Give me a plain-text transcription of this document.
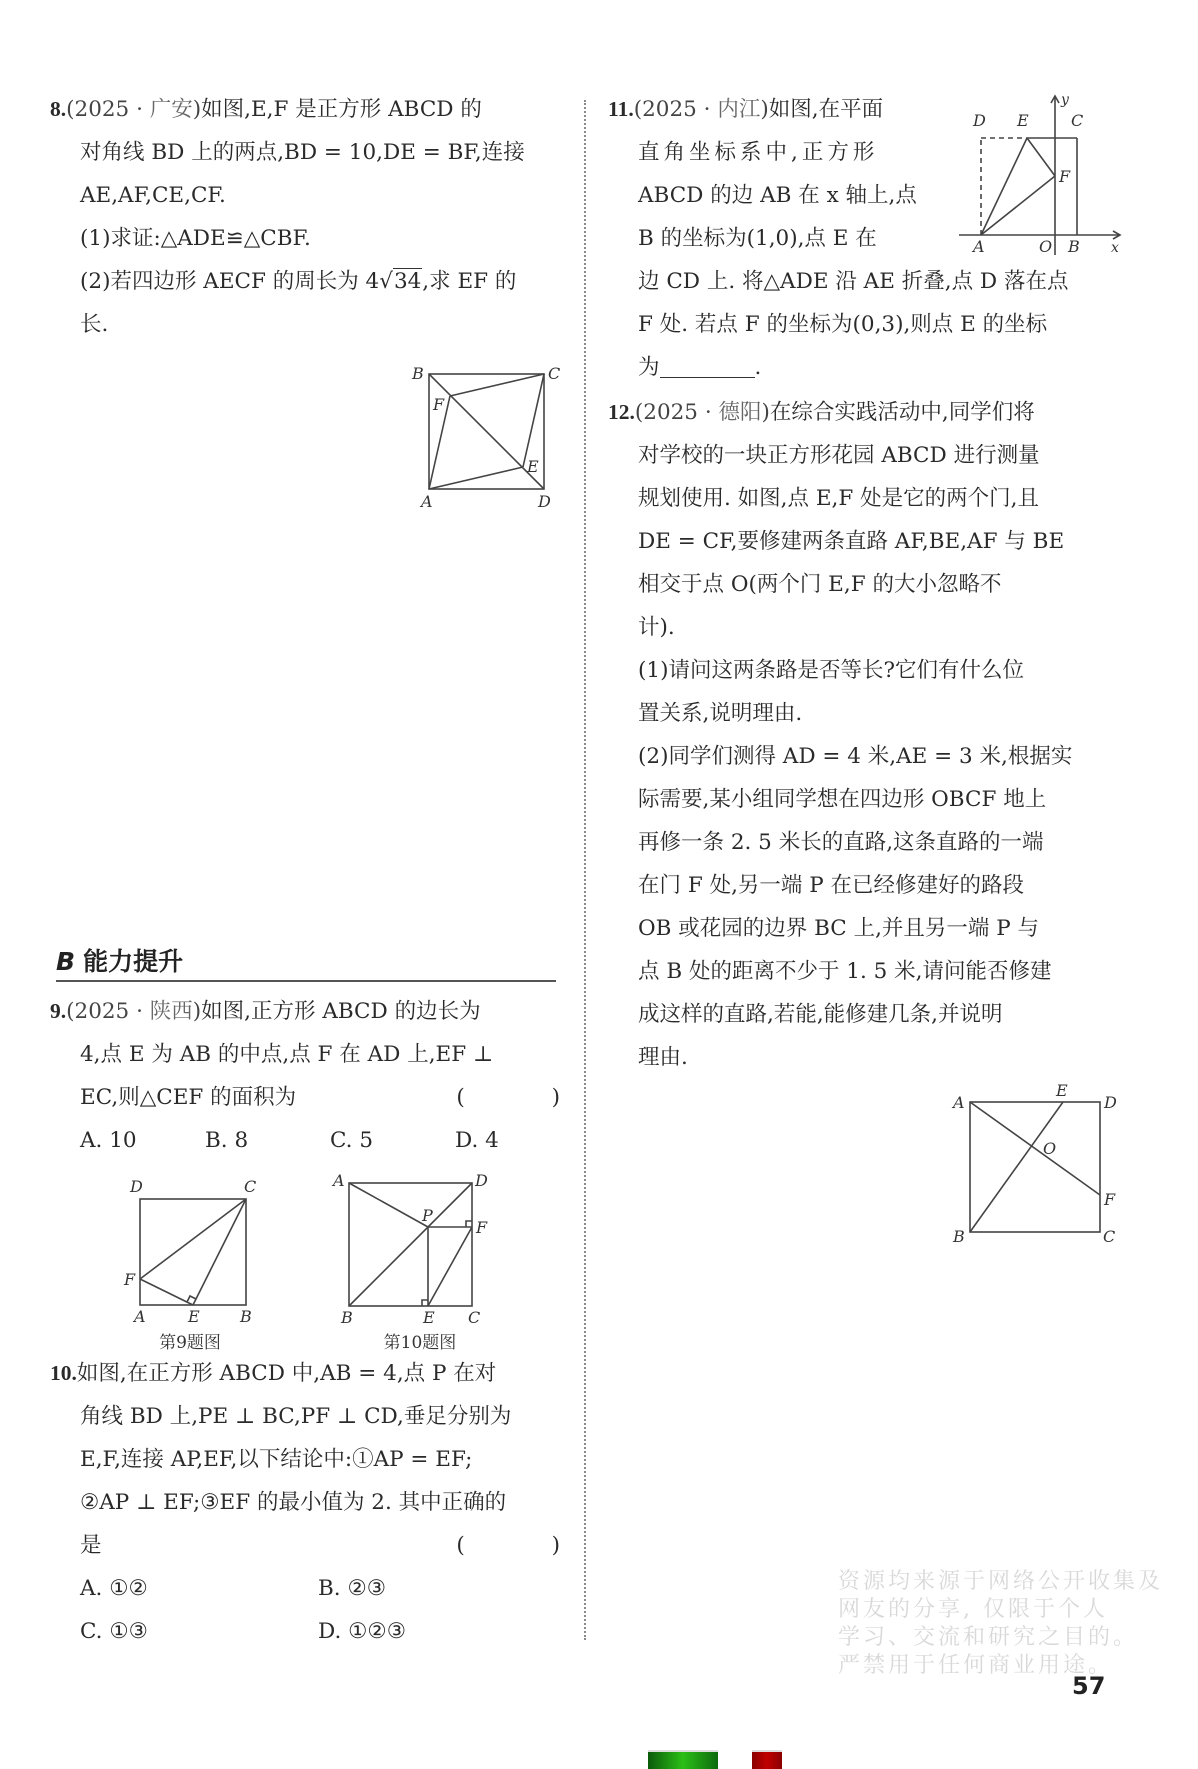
8.(2025 · 广安)如图,E,F 是正方形 ABCD 的
对角线 BD 上的两点,BD = 10,DE = BF,连接
AE,AF,CE,CF.
(1)求证:△ADE≌△CBF.
(2)若四边形 AECF 的周长为 4√34,求 EF 的
长.
B	C
F
E
A	D
B 能力提升
9.(2025 · 陕西)如图,正方形 ABCD 的边长为
4,点 E 为 AB 的中点,点 F 在 AD 上,EF ⊥
EC,则△CEF 的面积为	( )
A. 10	B. 8	C. 5	D. 4
D	C
F
A	E	B
第9题图
A	D
P
F
B	E C
第10题图
10.如图,在正方形 ABCD 中,AB = 4,点 P 在对
角线 BD 上,PE ⊥ BC,PF ⊥ CD,垂足分别为
E,F,连接 AP,EF,以下结论中:①AP = EF;
②AP ⊥ EF;③EF 的最小值为 2. 其中正确的
是	( )
A. ①②	B. ②③
C. ①③	D. ①②③
11.(2025 · 内江)如图,在平面
直角坐标系中,正方形
ABCD 的边 AB 在 x 轴上,点
B 的坐标为(1,0),点 E 在
边 CD 上. 将△ADE 沿 AE 折叠,点 D 落在点
F 处. 若点 F 的坐标为(0,3),则点 E 的坐标
为	.
12.(2025 · 德阳)在综合实践活动中,同学们将
对学校的一块正方形花园 ABCD 进行测量
规划使用. 如图,点 E,F 处是它的两个门,且
DE = CF,要修建两条直路 AF,BE,AF 与 BE
相交于点 O(两个门 E,F 的大小忽略不
计).
(1)请问这两条路是否等长?它们有什么位
置关系,说明理由.
(2)同学们测得 AD = 4 米,AE = 3 米,根据实
际需要,某小组同学想在四边形 OBCF 地上
再修一条 2. 5 米长的直路,这条直路的一端
在门 F 处,另一端 P 在已经修建好的路段
OB 或花园的边界 BC 上,并且另一端 P 与
点 B 处的距离不少于 1. 5 米,请问能否修建
成这样的直路,若能,能修建几条,并说明
理由.
y
D E	C
F
A	O B x
A
E
D
O
F
B	C
资源均来源于网络公开收集及
网友的分享, 仅限于个人
学习、交流和研究之目的。
严禁用于任何商业用途。
57
